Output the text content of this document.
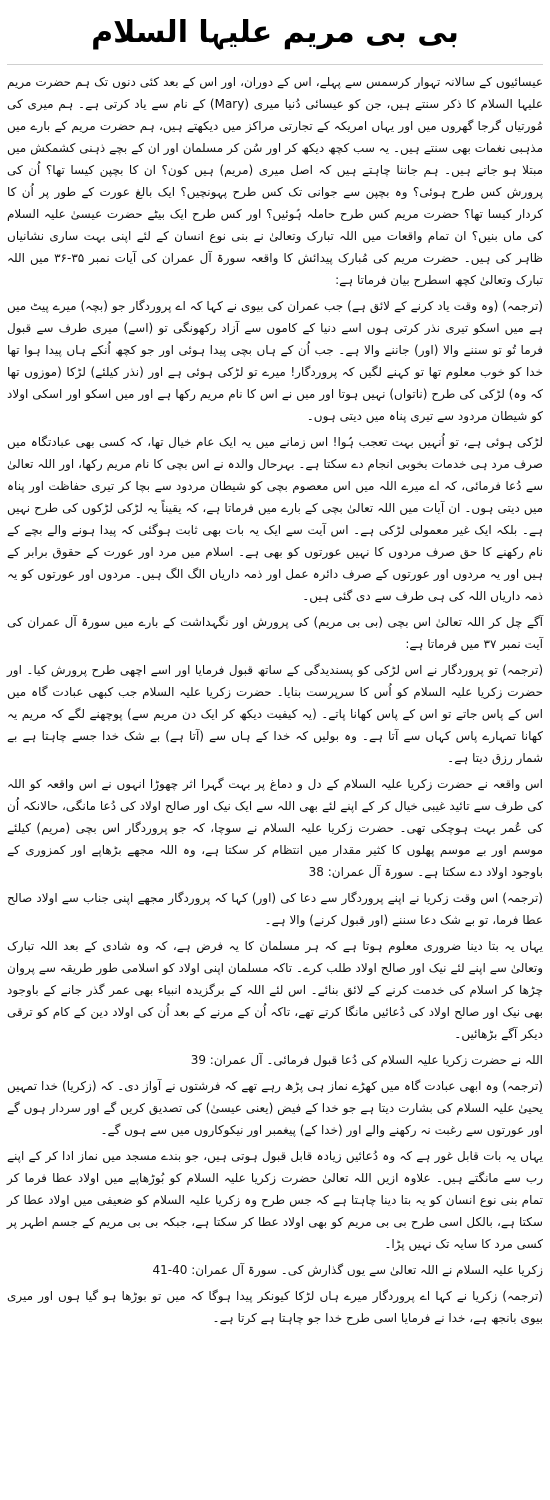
بی بی مریم علیہا السلام

عیسائیوں کے سالانہ تہوار کرسمس سے پہلے، اس کے دوران، اور اس کے بعد کئی دنوں تک ہم حضرت مریم علیہا السلام کا ذکر سنتے ہیں، جن کو عیسائی دُنیا میری (Mary) کے نام سے یاد کرتی ہے۔ ہم میری کی مُورتیاں گرجا گھروں میں اور یہاں امریکہ کے تجارتی مراکز میں دیکھتے ہیں، ہم حضرت مریم کے بارے میں مذہبی نغمات بھی سنتے ہیں۔ یہ سب کچھ دیکھ کر اور سُن کر مسلمان اور ان کے بچے ذہنی کشمکش میں مبتلا ہو جاتے ہیں۔ ہم جاننا چاہتے ہیں کہ اصل میری (مریم) ہیں کون؟ ان کا بچپن کیسا تھا؟ اُن کی پرورش کس طرح ہوئی؟ وہ بچپن سے جوانی تک کس طرح پہونچیں؟ ایک بالغ عورت کے طور پر اُن کا کردار کیسا تھا؟ حضرت مریم کس طرح حاملہ ہُوئیں؟ اور کس طرح ایک بیٹے حضرت عیسیٰ علیہ السلام کی ماں بنیں؟ ان تمام واقعات میں اللہ تبارک وتعالیٰ نے بنی نوع انسان کے لئے اپنی بہت ساری نشانیاں ظاہر کی ہیں۔ حضرت مریم کی مُبارک پیدائش کا واقعہ سورۃ آل عمران کی آیات نمبر ۳۵-۳۶ میں اللہ تبارک وتعالیٰ کچھ اسطرح بیان فرماتا ہے:

(ترجمہ) (وہ وقت یاد کرنے کے لائق ہے) جب عمران کی بیوی نے کہا کہ اے پروردگار جو (بچہ) میرے پیٹ میں ہے میں اسکو تیری نذر کرتی ہوں اسے دنیا کے کاموں سے آزاد رکھونگی تو (اسے) میری طرف سے قبول فرما تُو تو سننے والا (اور) جاننے والا ہے۔ جب اُن کے ہاں بچی پیدا ہوئی اور جو کچھ اُنکے ہاں پیدا ہوا تھا خدا کو خوب معلوم تھا تو کہنے لگیں کہ پروردگار! میرے تو لڑکی ہوئی ہے اور (نذر کیلئے) لڑکا (موزوں تھا کہ وہ) لڑکی کی طرح (ناتواں) نہیں ہوتا اور میں نے اس کا نام مریم رکھا ہے اور میں اسکو اور اسکی اولاد کو شیطان مردود سے تیری پناہ میں دیتی ہوں۔

لڑکی ہوئی ہے، تو اُنہیں بہت تعجب ہُوا! اس زمانے میں یہ ایک عام خیال تھا، کہ کسی بھی عبادتگاہ میں صرف مرد ہی خدمات بخوبی انجام دے سکتا ہے۔ بہرحال والدہ نے اس بچی کا نام مریم رکھا، اور اللہ تعالیٰ سے دُعا فرمائی، کہ اے میرے اللہ میں اس معصوم بچی کو شیطان مردود سے بچا کر تیری حفاظت اور پناہ میں دیتی ہوں۔ ان آیات میں اللہ تعالیٰ بچی کے بارے میں فرماتا ہے، کہ یقیناً یہ لڑکی لڑکوں کی طرح نہیں ہے۔ بلکہ ایک غیر معمولی لڑکی ہے۔ اس آیت سے ایک یہ بات بھی ثابت ہوگئی کہ پیدا ہونے والے بچے کے نام رکھنے کا حق صرف مردوں کا نہیں عورتوں کو بھی ہے۔ اسلام میں مرد اور عورت کے حقوق برابر کے ہیں اور یہ مردوں اور عورتوں کے صرف دائرہ عمل اور ذمہ داریاں الگ الگ ہیں۔ مردوں اور عورتوں کو یہ ذمہ داریاں اللہ کی ہی طرف سے دی گئی ہیں۔

آگے چل کر اللہ تعالیٰ اس بچی (بی بی مریم) کی پرورش اور نگہداشت کے بارے میں سورۃ آل عمران کی آیت نمبر ۳۷ میں فرماتا ہے:

(ترجمہ) تو پروردگار نے اس لڑکی کو پسندیدگی کے ساتھ قبول فرمایا اور اسے اچھی طرح پرورش کیا۔ اور حضرت زکریا علیہ السلام کو اُس کا سرپرست بنایا۔ حضرت زکریا علیہ السلام جب کبھی عبادت گاہ میں اس کے پاس جاتے تو اس کے پاس کھانا پاتے۔ (یہ کیفیت دیکھ کر ایک دن مریم سے) پوچھنے لگے کہ مریم یہ کھانا تمہارے پاس کہاں سے آتا ہے۔ وہ بولیں کہ خدا کے ہاں سے (آتا ہے) بے شک خدا جسے چاہتا ہے بے شمار رزق دیتا ہے۔

اس واقعہ نے حضرت زکریا علیہ السلام کے دل و دماغ پر بہت گہرا اثر چھوڑا انہوں نے اس واقعہ کو اللہ کی طرف سے تائید غیبی خیال کر کے اپنے لئے بھی اللہ سے ایک نیک اور صالح اولاد کی دُعا مانگی، حالانکہ اُن کی عُمر بہت ہوچکی تھی۔ حضرت زکریا علیہ السلام نے سوچا، کہ جو پروردگار اس بچی (مریم) کیلئے موسم اور بے موسم پھلوں کا کثیر مقدار میں انتظام کر سکتا ہے، وہ اللہ مجھے بڑھاپے اور کمزوری کے باوجود اولاد دے سکتا ہے۔ سورۃ آل عمران: 38

(ترجمہ) اس وقت زکریا نے اپنے پروردگار سے دعا کی (اور) کہا کہ پروردگار مجھے اپنی جناب سے اولاد صالح عطا فرما، تو بے شک دعا سننے (اور قبول کرنے) والا ہے۔

یہاں یہ بتا دینا ضروری معلوم ہوتا ہے کہ ہر مسلمان کا یہ فرض ہے، کہ وہ شادی کے بعد اللہ تبارک وتعالیٰ سے اپنے لئے نیک اور صالح اولاد طلب کرے۔ تاکہ مسلمان اپنی اولاد کو اسلامی طور طریقہ سے پروان چڑھا کر اسلام کی خدمت کرنے کے لائق بنائے۔ اس لئے اللہ کے برگزیدہ انبیاء بھی عمر گذر جانے کے باوجود بھی نیک اور صالح اولاد کی دُعائیں مانگا کرتے تھے، تاکہ اُن کے مرنے کے بعد اُن کی اولاد دین کے کام کو ترقی دیکر آگے بڑھائیں۔

اللہ نے حضرت زکریا علیہ السلام کی دُعا قبول فرمائی۔ آل عمران: 39

(ترجمہ) وہ ابھی عبادت گاہ میں کھڑے نماز ہی پڑھ رہے تھے کہ فرشتوں نے آواز دی۔ کہ (زکریا) خدا تمہیں یحییٰ علیہ السلام کی بشارت دیتا ہے جو خدا کے فیض (یعنی عیسیٰ) کی تصدیق کریں گے اور سردار ہوں گے اور عورتوں سے رغبت نہ رکھنے والے اور (خدا کے) پیغمبر اور نیکوکاروں میں سے ہوں گے۔

یہاں یہ بات قابل غور ہے کہ وہ دُعائیں زیادہ قابل قبول ہوتی ہیں، جو بندے مسجد میں نماز ادا کر کے اپنے رب سے مانگتے ہیں۔ علاوہ ازیں اللہ تعالیٰ حضرت زکریا علیہ السلام کو بُوڑھاپے میں اولاد عطا فرما کر تمام بنی نوع انسان کو یہ بتا دینا چاہتا ہے کہ جس طرح وہ زکریا علیہ السلام کو ضعیفی میں اولاد عطا کر سکتا ہے، بالکل اسی طرح بی بی مریم کو بھی اولاد عطا کر سکتا ہے، جبکہ بی بی مریم کے جسم اطہر پر کسی مرد کا سایہ تک نہیں پڑا۔

زکریا علیہ السلام نے اللہ تعالیٰ سے یوں گذارش کی۔ سورۃ آل عمران: 40-41

(ترجمہ) زکریا نے کہا اے پروردگار میرے ہاں لڑکا کیونکر پیدا ہوگا کہ میں تو بوڑھا ہو گیا ہوں اور میری بیوی بانجھ ہے، خدا نے فرمایا اسی طرح خدا جو چاہتا ہے کرتا ہے۔
